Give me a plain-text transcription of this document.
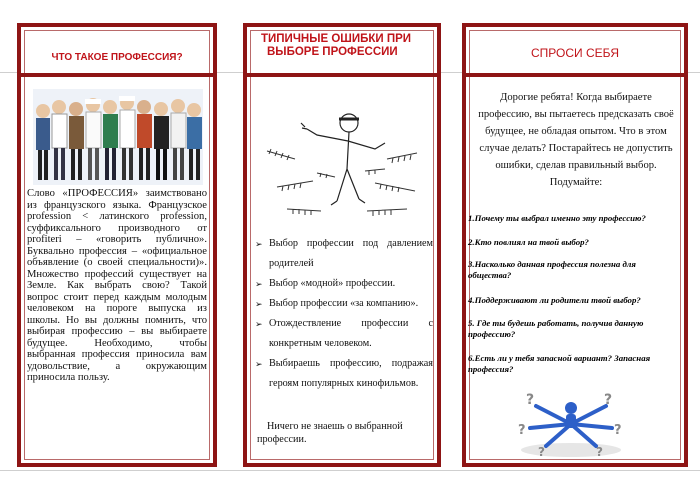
ЧТО ТАКОЕ ПРОФЕССИЯ?
Слово «ПРОФЕССИЯ» заимствовано из французского языка. Французское profession < латинского profession, суффиксального производного от profiteri – «говорить публично». Буквально профессия – «официальное объявление (о своей специальности)». Множество профессий существует на Земле. Как выбрать свою? Такой вопрос стоит перед каждым молодым человеком на пороге выпуска из школы. Но вы должны помнить, что выбирая профессию – вы выбираете будущее. Необходимо, чтобы выбранная профессия приносила вам удовольствие, а окружающим приносила пользу.
ТИПИЧНЫЕ ОШИБКИ ПРИ
ВЫБОРЕ ПРОФЕССИИ
➢ Выбор профессии под давлением родителей
➢ Выбор «модной» профессии.
➢ Выбор профессии «за компанию».
➢ Отождествление профессии с конкретным человеком.
➢ Выбираешь профессию, подражая героям популярных кинофильмов.
Ничего не знаешь о выбранной профессии.
СПРОСИ СЕБЯ
Дорогие ребята! Когда выбираете профессию, вы пытаетесь предсказать своё будущее, не обладая опытом. Что в этом случае делать? Постарайтесь не допустить ошибки, сделав правильный выбор. Подумайте:
1.Почему ты выбрал именно эту профессию?
2.Кто повлиял на твой выбор?
3.Насколько данная профессия полезна для общества?
4.Поддерживают ли родители твой выбор?
5. Где ты будешь работать, получив данную профессию?
6.Есть ли у тебя запасной вариант? Запасная профессия?
?	?
?	?
?	?
